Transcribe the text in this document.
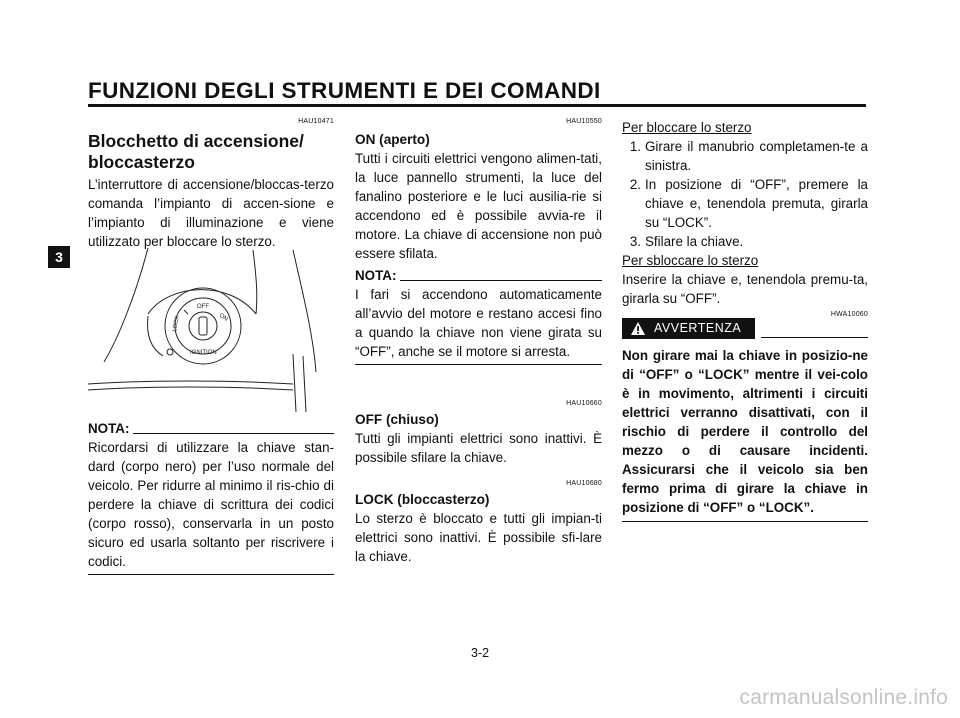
FUNZIONI DEGLI STRUMENTI E DEI COMANDI
3
HAU10471
Blocchetto di accensione/
bloccasterzo

L’interruttore di accensione/bloccas-terzo comanda l’impianto di accen-sione e l’impianto di illuminazione e viene utilizzato per bloccare lo sterzo.

OFF
ON
LOCK
IGNITION
NOTA:

Ricordarsi di utilizzare la chiave stan-dard (corpo nero) per l’uso normale del veicolo. Per ridurre al minimo il ris-chio di perdere la chiave di scrittura dei codici (corpo rosso), conservarla in un posto sicuro ed usarla soltanto per riscrivere i codici.

HAU10550
ON (aperto)

Tutti i circuiti elettrici vengono alimen-tati, la luce pannello strumenti, la luce del fanalino posteriore e le luci ausilia-rie si accendono ed è possibile avvia-re il motore. La chiave di accensione non può essere sfilata.

NOTA:

I fari si accendono automaticamente all’avvio del motore e restano accesi fino a quando la chiave non viene girata su “OFF”, anche se il motore si arresta.

HAU10660
OFF (chiuso)

Tutti gli impianti elettrici sono inattivi. È possibile sfilare la chiave.

HAU10680
LOCK (bloccasterzo)

Lo sterzo è bloccato e tutti gli impian-ti elettrici sono inattivi. È possibile sfi-lare la chiave.

Per bloccare lo sterzo
1. Girare il manubrio completamen-te a sinistra.
2. In posizione di “OFF”, premere la chiave e, tenendola premuta, girarla su “LOCK”.
3. Sfilare la chiave.
Per sbloccare lo sterzo

Inserire la chiave e, tenendola premu-ta, girarla su “OFF”.

HWA10060
AVVERTENZA

Non girare mai la chiave in posizio-ne di “OFF” o “LOCK” mentre il vei-colo è in movimento, altrimenti i circuiti elettrici verranno disattivati, con il rischio di perdere il controllo del mezzo o di causare incidenti. Assicurarsi che il veicolo sia ben fermo prima di girare la chiave in posizione di “OFF” o “LOCK”.

3-2
carmanualsonline.info
